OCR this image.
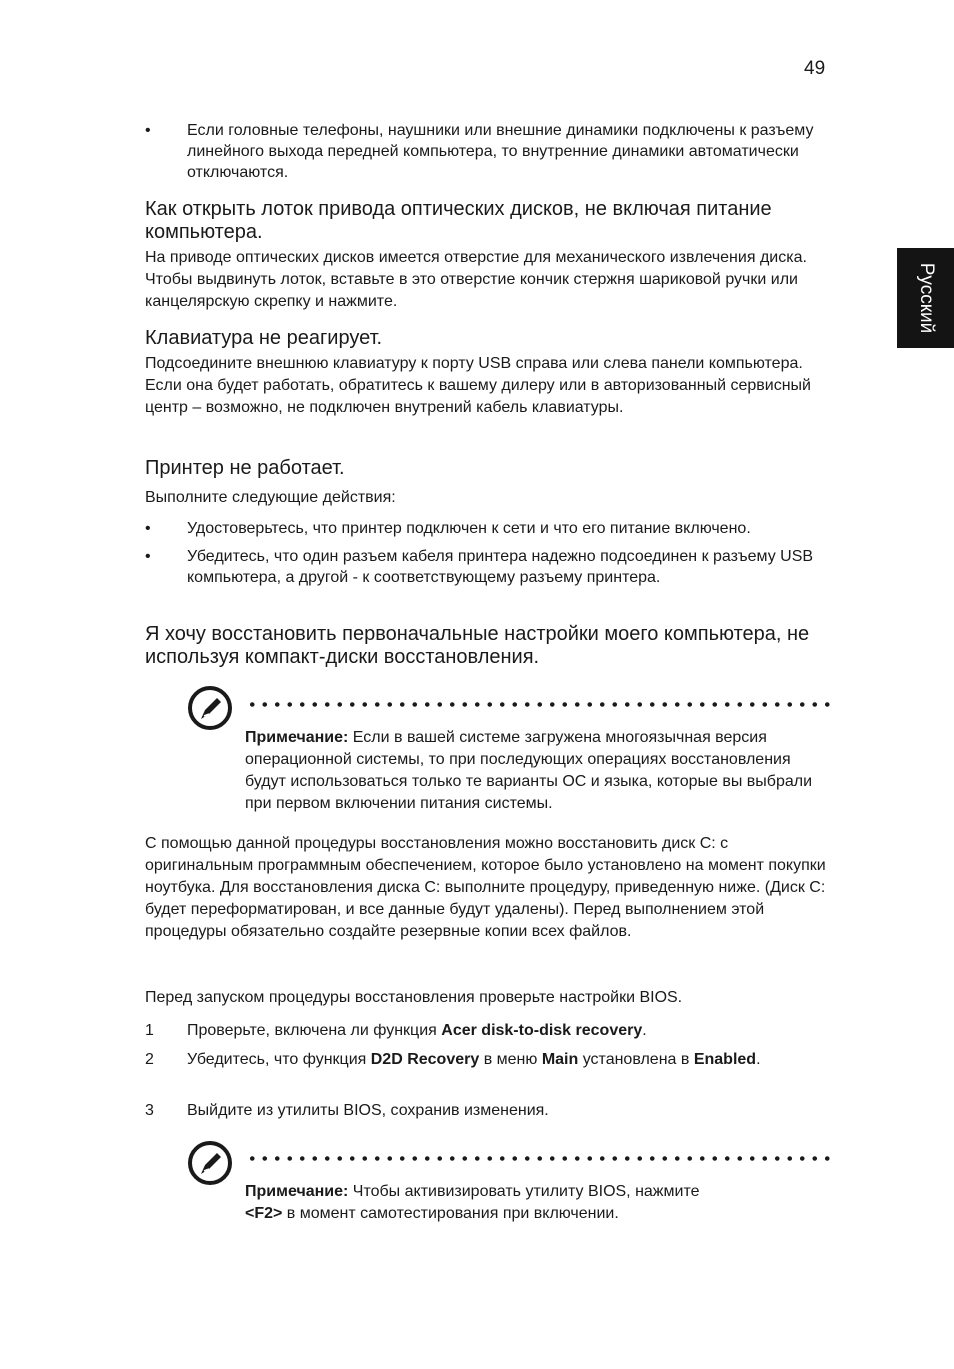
49
Русский
• Если головные телефоны, наушники или внешние динамики подключены к разъему линейного выхода передней компьютера, то внутренние динамики автоматически отключаются.

Как открыть лоток привода оптических дисков, не включая питание компьютера.

На приводе оптических дисков имеется отверстие для механического извлечения диска. Чтобы выдвинуть лоток, вставьте в это отверстие кончик стержня шариковой ручки или канцелярскую скрепку и нажмите.

Клавиатура не реагирует.

Подсоедините внешнюю клавиатуру к порту USB справа или слева панели компьютера. Если она будет работать, обратитесь к вашему дилеру или в авторизованный сервисный центр – возможно, не подключен внутрений кабель клавиатуры.

Принтер не работает.

Выполните следующие действия:

• Удостоверьтесь, что принтер подключен к сети и что его питание включено.

• Убедитесь, что один разъем кабеля принтера надежно подсоединен к разъему USB компьютера, а другой - к соответствующему разъему принтера.

Я хочу восстановить первоначальные настройки моего компьютера, не используя компакт-диски восстановления.

Примечание: Если в вашей системе загружена многоязычная версия операционной системы, то при последующих операциях восстановления будут использоваться только те варианты ОС и языка, которые вы выбрали при первом включении питания системы.

С помощью данной процедуры восстановления можно восстановить диск C: с оригинальным программным обеспечением, которое было установлено на момент покупки ноутбука. Для восстановления диска C: выполните процедуру, приведенную ниже. (Диск C: будет переформатирован, и все данные будут удалены). Перед выполнением этой процедуры обязательно создайте резервные копии всех файлов.

Перед запуском процедуры восстановления проверьте настройки BIOS.

1 Проверьте, включена ли функция Acer disk-to-disk recovery.

2 Убедитесь, что функция D2D Recovery в меню Main установлена в Enabled.

3 Выйдите из утилиты BIOS, сохранив изменения.

Примечание: Чтобы активизировать утилиту BIOS, нажмите
<F2> в момент самотестирования при включении.
